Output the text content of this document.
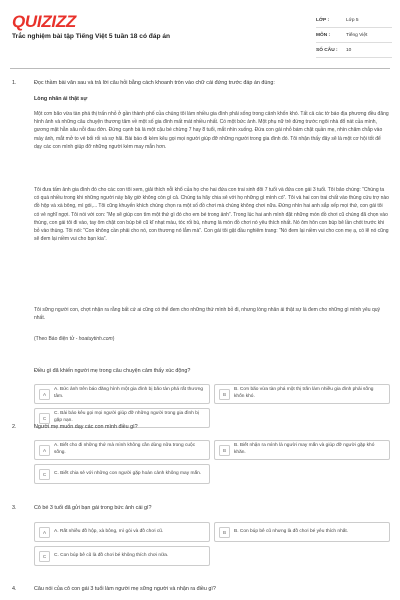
QUIZIZZ
Trắc nghiệm bài tập Tiếng Việt 5 tuần 18 có đáp án
LỚP :	Lớp 5
MÔN :	Tiếng Việt
SỐ CÂU :	10
1.	Đọc thầm bài văn sau và trả lời câu hỏi bằng cách khoanh tròn vào chữ cái đứng trước đáp án đúng:
Lòng nhân ái thật sự
Một cơn bão vừa tàn phá thị trấn nhỏ ở gần thành phố của chúng tôi làm nhiều gia đình phải sống trong cảnh khốn khó. Tất cả các tờ báo địa phương đều đăng hình ảnh và những câu chuyện thương tâm về một số gia đình mất mát nhiều nhất. Có một bức ảnh. Một phụ nữ trẻ đứng trước ngôi nhà đổ nát của mình, gương mặt hằn sâu nỗi đau đớn. Đứng cạnh bà là một cậu bé chừng 7 hay 8 tuổi, mắt nhìn xuống. Đứa con gái nhỏ bám chặt quần mẹ, nhìn chăm chắp vào máy ảnh, mắt mở to vẻ bối rối và sợ hãi. Bài báo đi kèm kêu gọi mọi người giúp đỡ những người trong gia đình đó. Tôi nhận thấy đây sẽ là một cơ hội tốt để dạy các con mình giúp đỡ những người kém may mắn hơn.
Tôi đưa tấm ảnh gia đình đó cho các con tôi xem, giải thích nỗi khổ của họ cho hai đứa con trai sinh đôi 7 tuổi và đứa con gái 3 tuổi. Tôi bảo chúng: “Chúng ta có quá nhiều trong khi những người này bây giờ không còn gì cả. Chúng ta hãy chia sẻ với họ những gì mình có”. Tôi và hai con trai chất vào thùng cứu trợ nào đồ hộp và xà bông, mì gói,... Tôi cũng khuyến khích chúng chọn ra một số đồ chơi mà chúng không chơi nữa. Đứng nhìn hai anh sắp xếp mọi thứ, con gái tôi có vẻ nghĩ ngợi. Tôi nói với con: “Mẹ sẽ giúp con tìm một thứ gì đó cho em bé trong ảnh”. Trong lúc hai anh mình đặt những món đồ chơi cũ chúng đã chọn vào thùng, con gái tôi đi vào, tay ôm chặt con búp bê cũ kĩ nhạt màu, tóc rối bù, nhưng là món đồ chơi nó yêu thích nhất. Nó ôm hôn con búp bê lần chót trước khi bỏ vào thùng. Tôi nói: “Con không cần phải cho nó, con thương nó lắm mà”. Con gái tôi gật đầu nghiêm trang: “Nó đem lại niềm vui cho con mẹ ạ, có lẽ nó cũng sẽ đem lại niềm vui cho bạn kia”.
Tôi sững người con, chợt nhận ra rằng bất cứ ai cũng có thể đem cho những thứ mình bỏ đi, nhưng lòng nhân ái thật sự là đem cho những gì mình yêu quý nhất.
(Theo Báo điện tử - hoatuytinh.com)
Điều gì đã khiến người mẹ trong câu chuyện cảm thấy xúc động?
A
A. Bức ảnh trên báo đăng hình một gia đình bị bão tàn phá rất thương tâm.	B
B. Cơn bão vừa tàn phá một thị trấn làm nhiều gia đình phải sống khốn khó.
C
C. Bài báo kêu gọi mọi người giúp đỡ những người trong gia đình bị gặp nạn.
2.	Người mẹ muốn dạy các con mình điều gì?
A
A. Biết cho đi những thứ mà mình không cần dùng nữa trong cuộc sống.	B
B. Biết nhận ra mình là người may mắn và giúp đỡ người gặp khó khăn.
C	C. Biết chia sẻ với những con người gặp hoàn cảnh không may mắn.
3.	Cô bé 3 tuổi đã gửi bạn gái trong bức ảnh cái gì?
A	A. Rất nhiều đồ hộp, xà bông, mì gói và đồ chơi cũ.	B	B. Con búp bê cũ nhưng là đồ chơi bé yêu thích nhất.
C	C. Con búp bê cũ là đồ chơi bé không thích chơi nữa.
4.	Câu nói của cô con gái 3 tuổi làm người mẹ sững người và nhận ra điều gì?
